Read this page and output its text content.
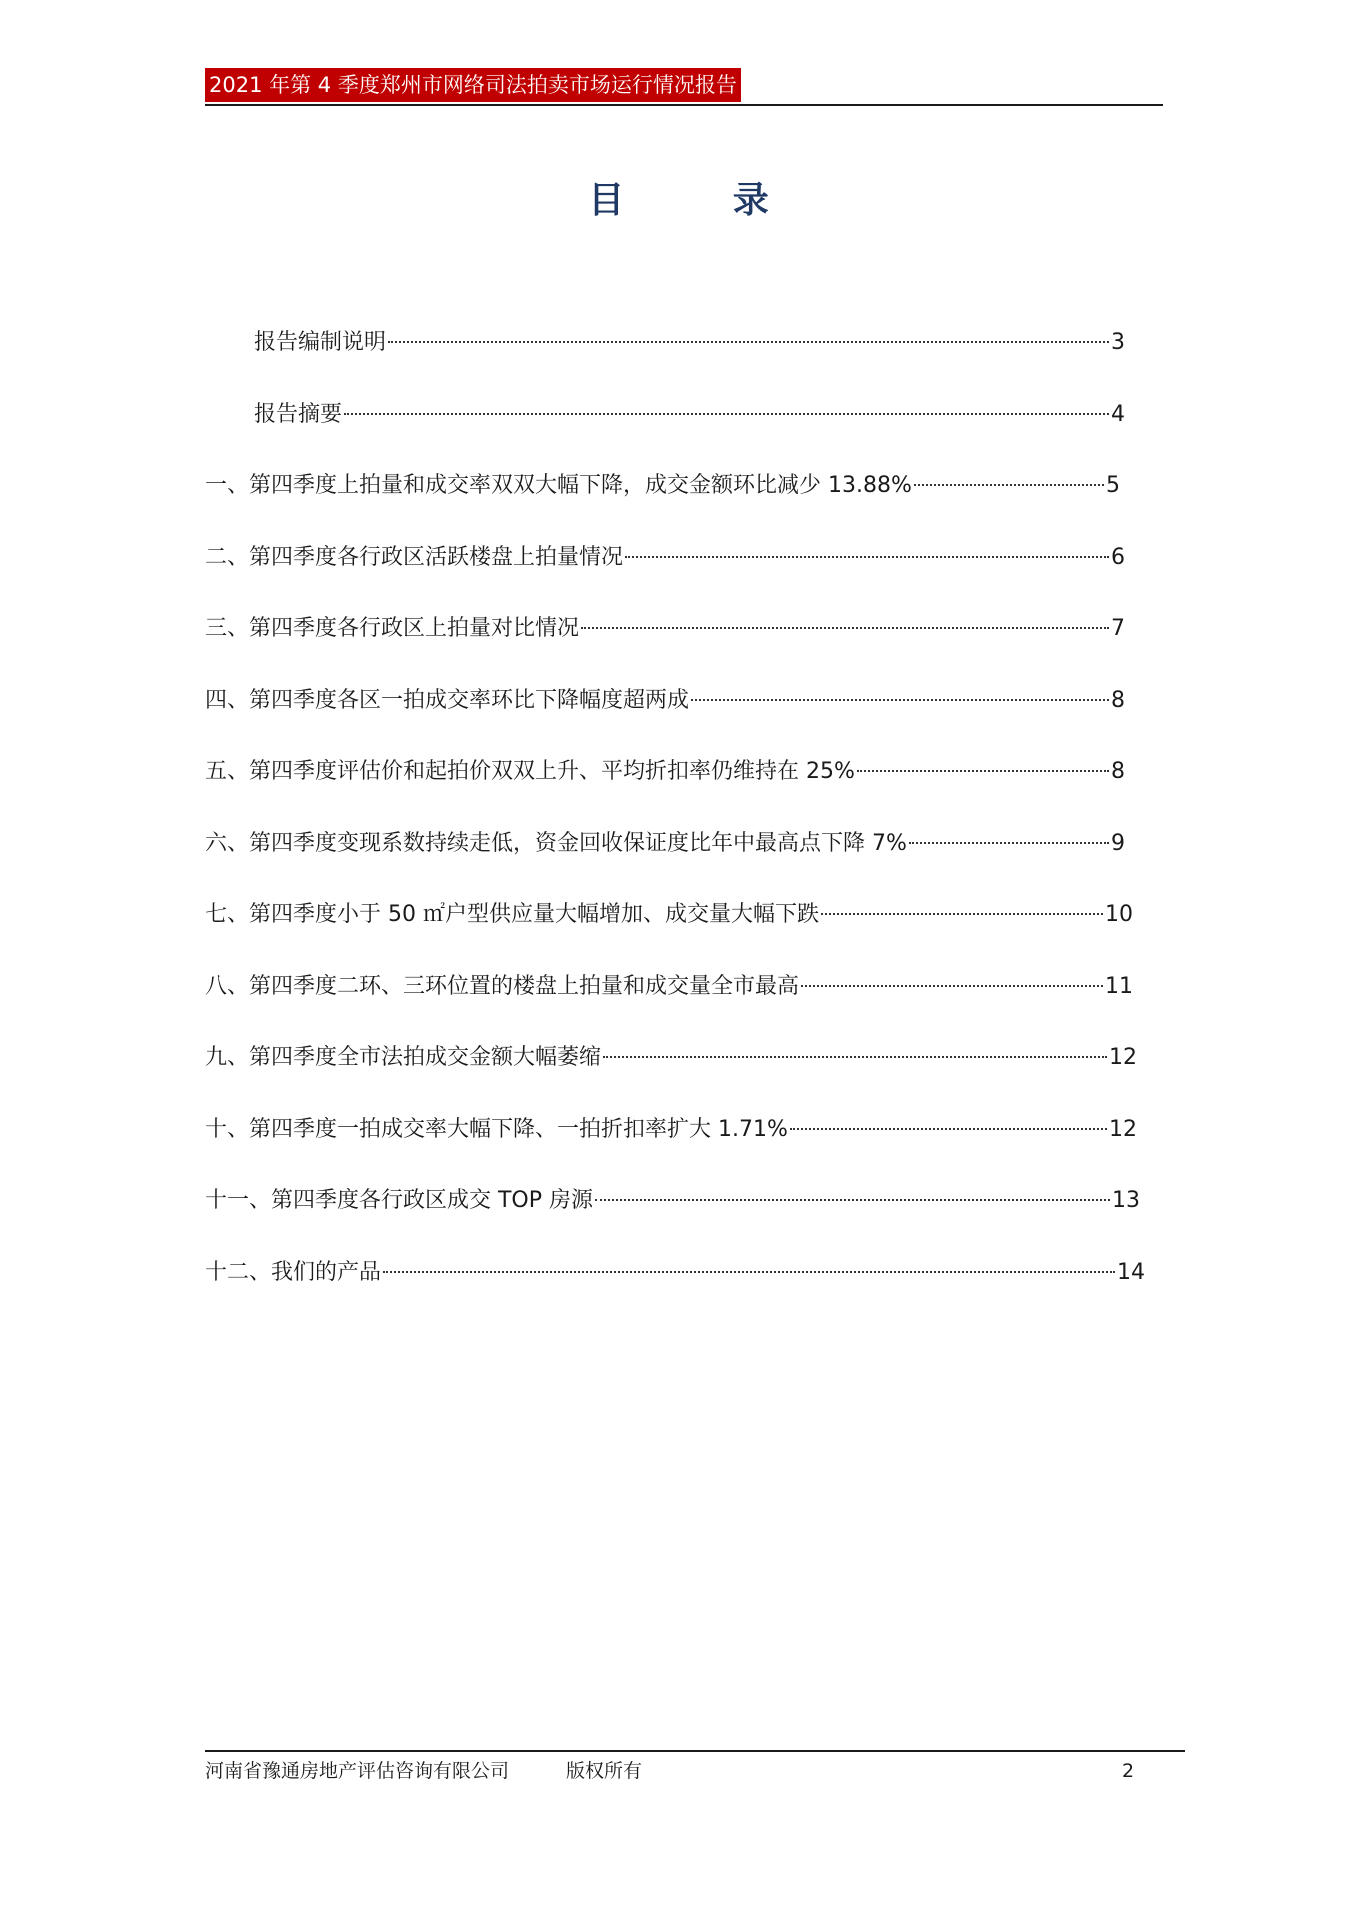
2021 年第 4 季度郑州市网络司法拍卖市场运行情况报告
目 录
报告编制说明	3
报告摘要	4
一、第四季度上拍量和成交率双双大幅下降，成交金额环比减少 13.88%	5
二、第四季度各行政区活跃楼盘上拍量情况	6
三、第四季度各行政区上拍量对比情况	7
四、第四季度各区一拍成交率环比下降幅度超两成	8
五、第四季度评估价和起拍价双双上升、平均折扣率仍维持在 25%	8
六、第四季度变现系数持续走低，资金回收保证度比年中最高点下降 7%	9
七、第四季度小于 50 ㎡户型供应量大幅增加、成交量大幅下跌	10
八、第四季度二环、三环位置的楼盘上拍量和成交量全市最高	11
九、第四季度全市法拍成交金额大幅萎缩	12
十、第四季度一拍成交率大幅下降、一拍折扣率扩大 1.71%	12
十一、第四季度各行政区成交 TOP 房源	13
十二、我们的产品	14
河南省豫通房地产评估咨询有限公司	版权所有	2
